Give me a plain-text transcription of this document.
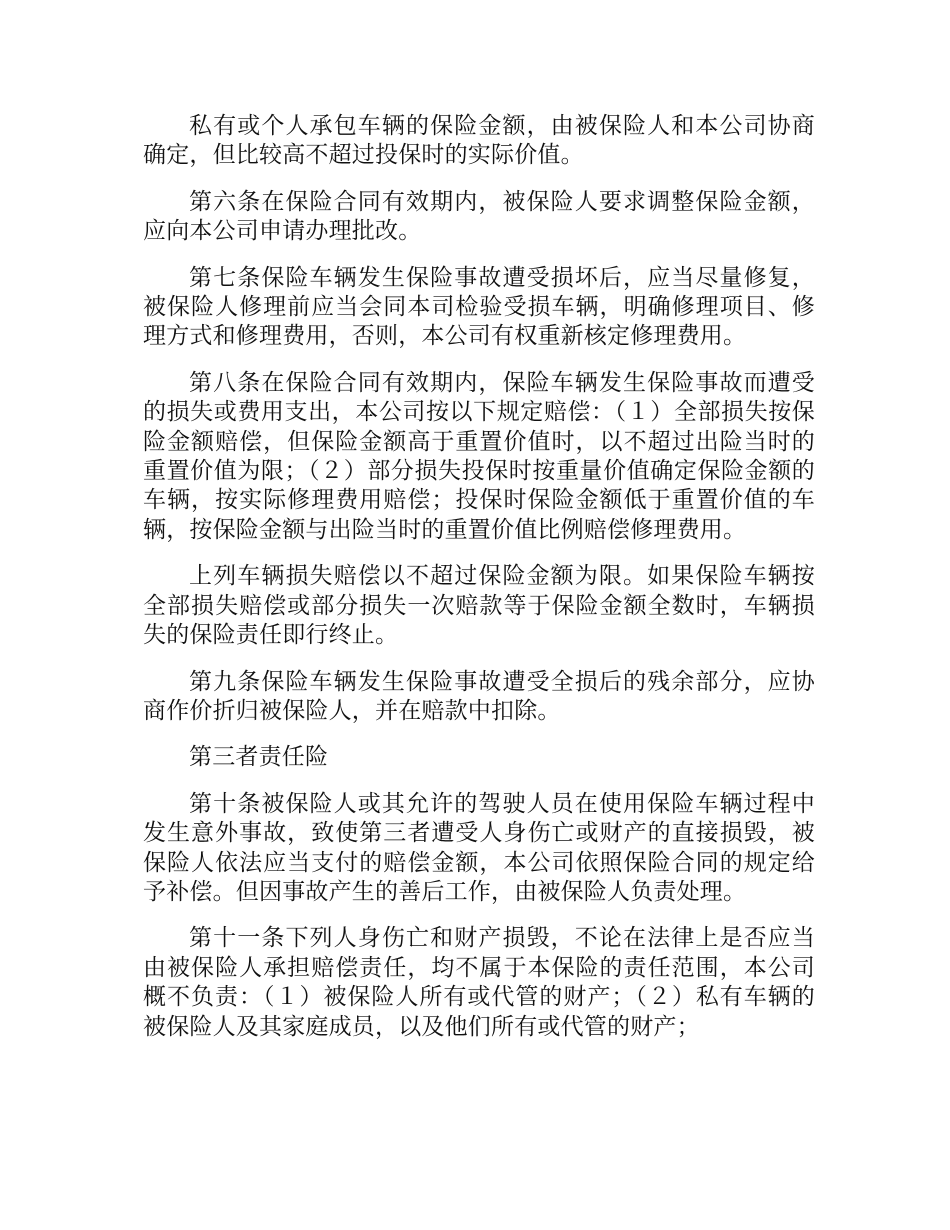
私有或个人承包车辆的保险金额，由被保险人和本公司协商确定，但比较高不超过投保时的实际价值。

第六条在保险合同有效期内，被保险人要求调整保险金额，应向本公司申请办理批改。

第七条保险车辆发生保险事故遭受损坏后，应当尽量修复，被保险人修理前应当会同本司检验受损车辆，明确修理项目、修理方式和修理费用，否则，本公司有权重新核定修理费用。

第八条在保险合同有效期内，保险车辆发生保险事故而遭受的损失或费用支出，本公司按以下规定赔偿：（１）全部损失按保险金额赔偿，但保险金额高于重置价值时，以不超过出险当时的重置价值为限；（２）部分损失投保时按重量价值确定保险金额的车辆，按实际修理费用赔偿；投保时保险金额低于重置价值的车辆，按保险金额与出险当时的重置价值比例赔偿修理费用。

上列车辆损失赔偿以不超过保险金额为限。如果保险车辆按全部损失赔偿或部分损失一次赔款等于保险金额全数时，车辆损失的保险责任即行终止。

第九条保险车辆发生保险事故遭受全损后的残余部分，应协商作价折归被保险人，并在赔款中扣除。

第三者责任险

第十条被保险人或其允许的驾驶人员在使用保险车辆过程中发生意外事故，致使第三者遭受人身伤亡或财产的直接损毁，被保险人依法应当支付的赔偿金额，本公司依照保险合同的规定给予补偿。但因事故产生的善后工作，由被保险人负责处理。

第十一条下列人身伤亡和财产损毁，不论在法律上是否应当由被保险人承担赔偿责任，均不属于本保险的责任范围，本公司概不负责：（１）被保险人所有或代管的财产；（２）私有车辆的被保险人及其家庭成员，以及他们所有或代管的财产；
